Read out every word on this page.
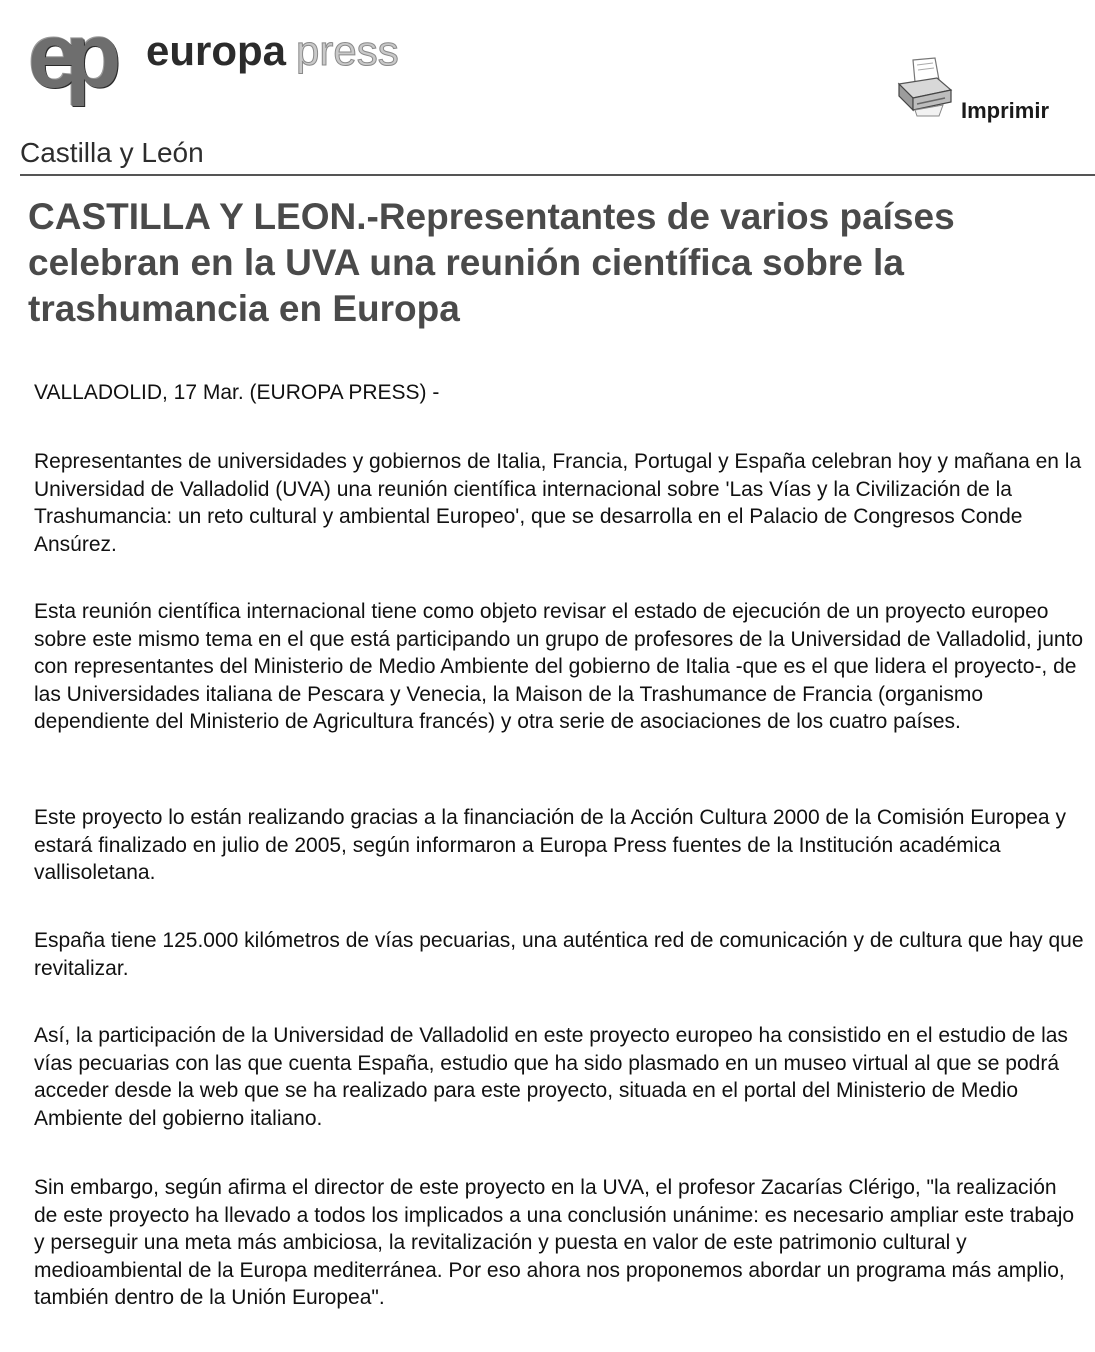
ep europa press
Imprimir
Castilla y León
CASTILLA Y LEON.-Representantes de varios países celebran en la UVA una reunión científica sobre la trashumancia en Europa
VALLADOLID, 17 Mar. (EUROPA PRESS) -

Representantes de universidades y gobiernos de Italia, Francia, Portugal y España celebran hoy y mañana en la Universidad de Valladolid (UVA) una reunión científica internacional sobre 'Las Vías y la Civilización de la Trashumancia: un reto cultural y ambiental Europeo', que se desarrolla en el Palacio de Congresos Conde Ansúrez.

Esta reunión científica internacional tiene como objeto revisar el estado de ejecución de un proyecto europeo sobre este mismo tema en el que está participando un grupo de profesores de la Universidad de Valladolid, junto con representantes del Ministerio de Medio Ambiente del gobierno de Italia -que es el que lidera el proyecto-, de las Universidades italiana de Pescara y Venecia, la Maison de la Trashumance de Francia (organismo dependiente del Ministerio de Agricultura francés) y otra serie de asociaciones de los cuatro países.

Este proyecto lo están realizando gracias a la financiación de la Acción Cultura 2000 de la Comisión Europea y estará finalizado en julio de 2005, según informaron a Europa Press fuentes de la Institución académica vallisoletana.

España tiene 125.000 kilómetros de vías pecuarias, una auténtica red de comunicación y de cultura que hay que revitalizar.

Así, la participación de la Universidad de Valladolid en este proyecto europeo ha consistido en el estudio de las vías pecuarias con las que cuenta España, estudio que ha sido plasmado en un museo virtual al que se podrá acceder desde la web que se ha realizado para este proyecto, situada en el portal del Ministerio de Medio Ambiente del gobierno italiano.

Sin embargo, según afirma el director de este proyecto en la UVA, el profesor Zacarías Clérigo, "la realización de este proyecto ha llevado a todos los implicados a una conclusión unánime: es necesario ampliar este trabajo y perseguir una meta más ambiciosa, la revitalización y puesta en valor de este patrimonio cultural y medioambiental de la Europa mediterránea. Por eso ahora nos proponemos abordar un programa más amplio, también dentro de la Unión Europea".
